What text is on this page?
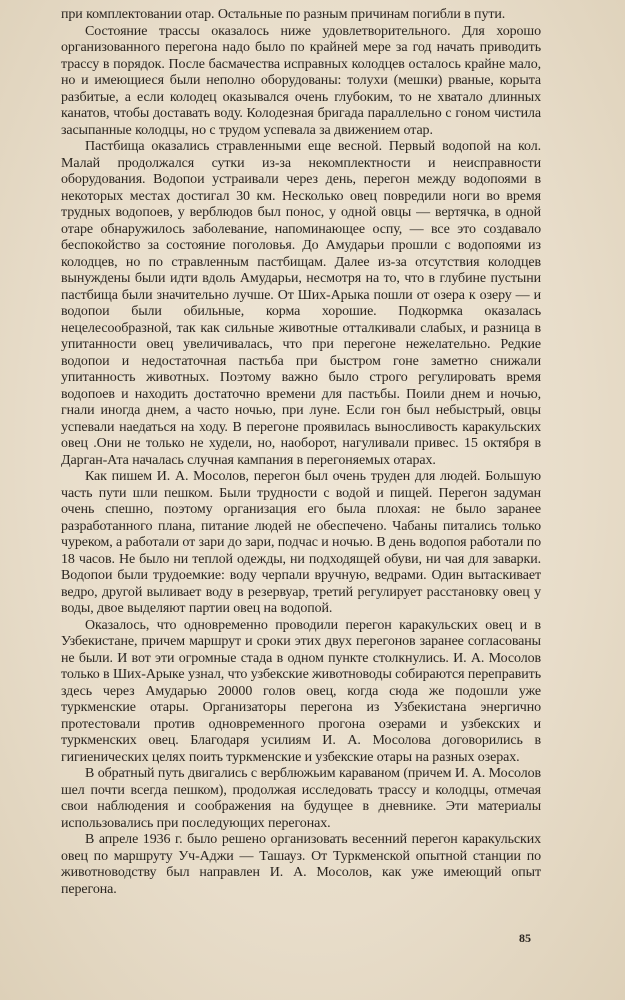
при комплектовании отар. Остальные по разным причинам погибли в пути.

Состояние трассы оказалось ниже удовлетворительного. Для хорошо организованного перегона надо было по крайней мере за год начать приводить трассу в порядок. После басмачества исправных колодцев осталось крайне мало, но и имеющиеся были неполно оборудованы: толухи (мешки) рваные, корыта разбитые, а если колодец оказывался очень глубоким, то не хватало длинных канатов, чтобы доставать воду. Колодезная бригада параллельно с гоном чистила засыпанные колодцы, но с трудом успевала за движением отар.

Пастбища оказались стравленными еще весной. Первый водопой на кол. Малай продолжался сутки из-за некомплектности и неисправности оборудования. Водопои устраивали через день, перегон между водопоями в некоторых местах достигал 30 км. Несколько овец повредили ноги во время трудных водопоев, у верблюдов был понос, у одной овцы — вертячка, в одной отаре обнаружилось заболевание, напоминающее оспу, — все это создавало беспокойство за состояние поголовья. До Амударьи прошли с водопоями из колодцев, но по стравленным пастбищам. Далее из-за отсутствия колодцев вынуждены были идти вдоль Амударьи, несмотря на то, что в глубине пустыни пастбища были значительно лучше. От Ших-Арыка пошли от озера к озеру — и водопои были обильные, корма хорошие. Подкормка оказалась нецелесообразной, так как сильные животные отталкивали слабых, и разница в упитанности овец увеличивалась, что при перегоне нежелательно. Редкие водопои и недостаточная пастьба при быстром гоне заметно снижали упитанность животных. Поэтому важно было строго регулировать время водопоев и находить достаточно времени для пастьбы. Поили днем и ночью, гнали иногда днем, а часто ночью, при луне. Если гон был небыстрый, овцы успевали наедаться на ходу. В перегоне проявилась выносливость каракульских овец .Они не только не худели, но, наоборот, нагуливали привес. 15 октября в Дарган-Ата началась случная кампания в перегоняемых отарах.

Как пишем И. А. Мосолов, перегон был очень труден для людей. Большую часть пути шли пешком. Были трудности с водой и пищей. Перегон задуман очень спешно, поэтому организация его была плохая: не было заранее разработанного плана, питание людей не обеспечено. Чабаны питались только чуреком, а работали от зари до зари, подчас и ночью. В день водопоя работали по 18 часов. Не было ни теплой одежды, ни подходящей обуви, ни чая для заварки. Водопои были трудоемкие: воду черпали вручную, ведрами. Один вытаскивает ведро, другой выливает воду в резервуар, третий регулирует расстановку овец у воды, двое выделяют партии овец на водопой.

Оказалось, что одновременно проводили перегон каракульских овец и в Узбекистане, причем маршрут и сроки этих двух перегонов заранее согласованы не были. И вот эти огромные стада в одном пункте столкнулись. И. А. Мосолов только в Ших-Арыке узнал, что узбекские животноводы собираются переправить здесь через Амударью 20000 голов овец, когда сюда же подошли уже туркменские отары. Организаторы перегона из Узбекистана энергично протестовали против одновременного прогона озерами и узбекских и туркменских овец. Благодаря усилиям И. А. Мосолова договорились в гигиенических целях поить туркменские и узбекские отары на разных озерах.

В обратный путь двигались с верблюжьим караваном (причем И. А. Мосолов шел почти всегда пешком), продолжая исследовать трассу и колодцы, отмечая свои наблюдения и соображения на будущее в дневнике. Эти материалы использовались при последующих перегонах.

В апреле 1936 г. было решено организовать весенний перегон каракульских овец по маршруту Уч-Аджи — Ташауз. От Туркменской опытной станции по животноводству был направлен И. А. Мосолов, как уже имеющий опыт перегона.

85
